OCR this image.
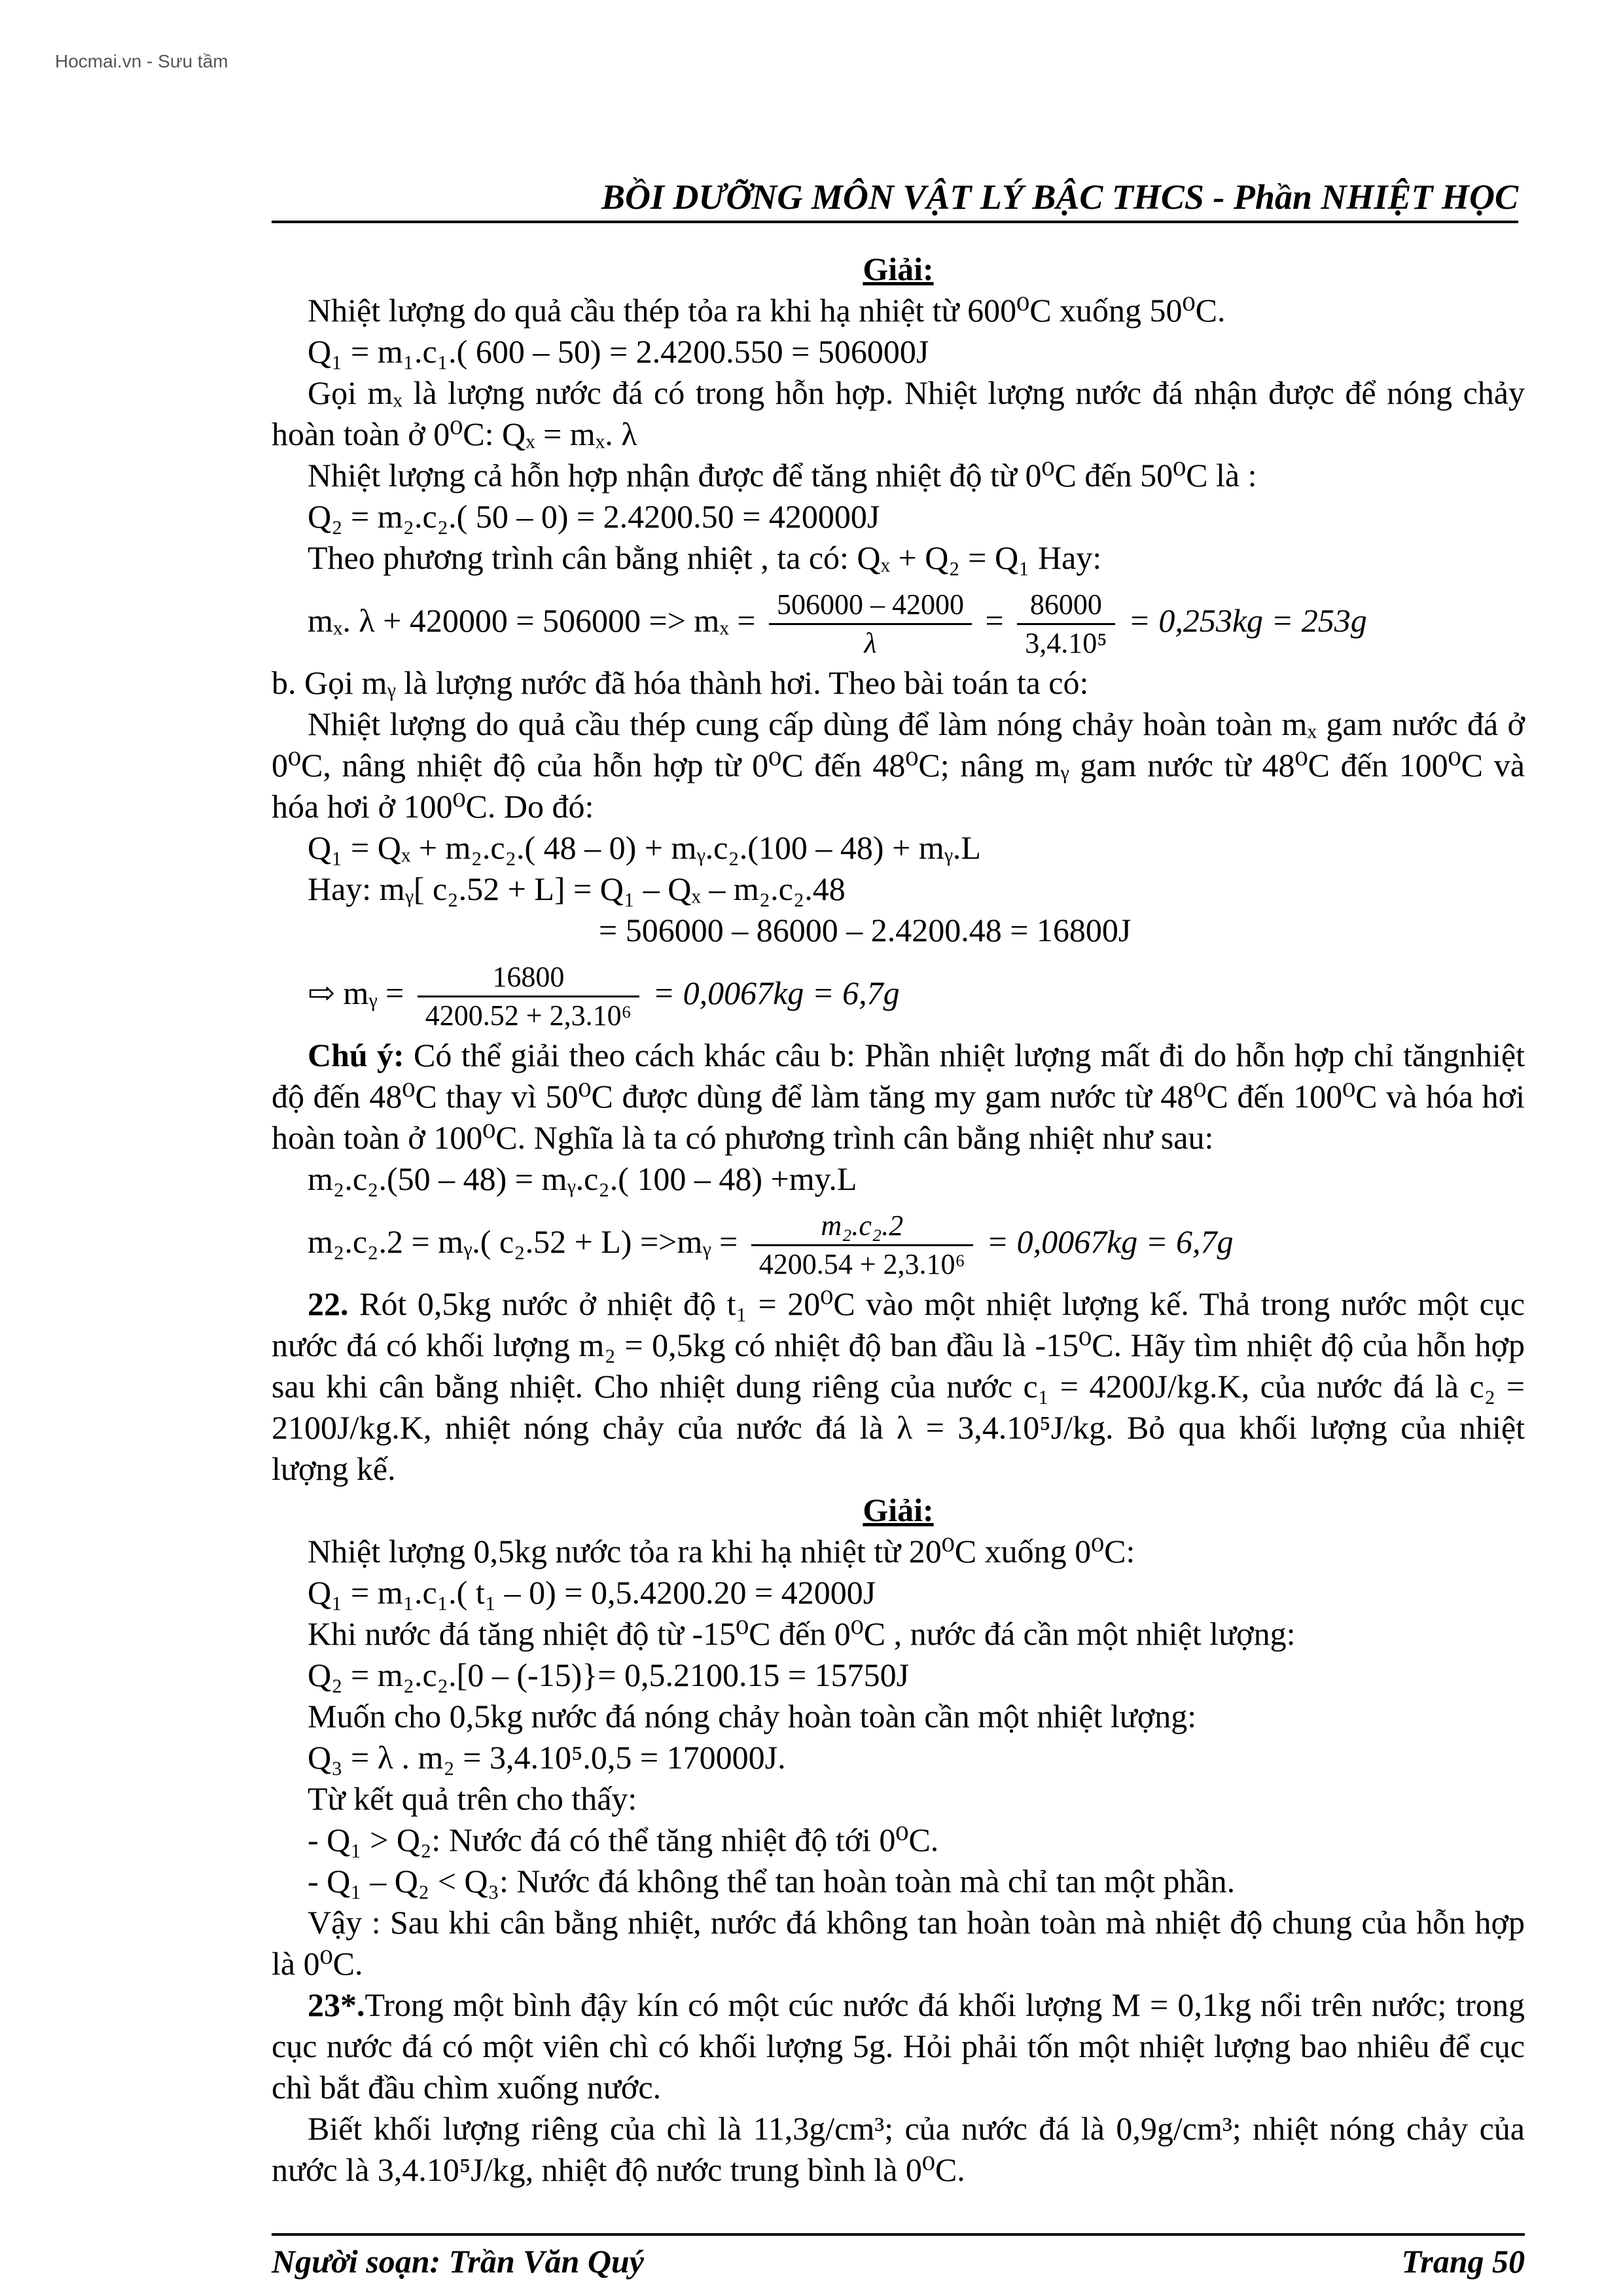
Hocmai.vn - Sưu tầm
BỒI DƯỠNG MÔN VẬT LÝ BẬC THCS - Phần NHIỆT HỌC

Giải:

Nhiệt lượng do quả cầu thép tỏa ra khi hạ nhiệt từ 600⁰C xuống 50⁰C.

Q₁ = m₁.c₁.( 600 – 50) = 2.4200.550 = 506000J

Gọi mₓ là lượng nước đá có trong hỗn hợp. Nhiệt lượng nước đá nhận được để nóng chảy hoàn toàn ở 0⁰C: Qₓ = mₓ. λ

Nhiệt lượng cả hỗn hợp nhận được để tăng nhiệt độ từ 0⁰C đến 50⁰C là :

Q₂ = m₂.c₂.( 50 – 0) = 2.4200.50 = 420000J

Theo phương trình cân bằng nhiệt , ta có: Qₓ + Q₂ = Q₁ Hay:

mₓ. $\lambda + 420000 = 506000 => m_x = \frac{506000 - 42000}{\lambda} = \frac{86000}{\text{3,4.10⁵}} = 0,253kg = 253g$

b. Gọi mᵧ là lượng nước đã hóa thành hơi. Theo bài toán ta có:

Nhiệt lượng do quả cầu thép cung cấp dùng để làm nóng chảy hoàn toàn mₓ gam nước đá ở 0⁰C, nâng nhiệt độ của hỗn hợp từ 0⁰C đến 48⁰C; nâng mᵧ gam nước từ 48⁰C đến 100⁰C và hóa hơi ở 100⁰C. Do đó:

Q₁ = Qₓ + m₂.c₂.( 48 – 0) + mᵧ.c₂.(100 – 48) + mᵧ.L

Hay: mᵧ[ c₂.52 + L] = Q₁ – Qₓ – m₂.c₂.48

= 506000 – 86000 – 2.4200.48 = 16800J

⇨ mᵧ = $\frac{16800}{\text{4200.52 + 2,3.10⁶}} = 0,0067kg = 6,7g$

Chú ý: Có thể giải theo cách khác câu b: Phần nhiệt lượng mất đi do hỗn hợp chỉ tăngnhiệt độ đến 48⁰C thay vì 50⁰C được dùng để làm tăng my gam nước từ 48⁰C đến 100⁰C và hóa hơi hoàn toàn ở 100⁰C. Nghĩa là ta có phương trình cân bằng nhiệt như sau:

m₂.c₂.(50 – 48) = mᵧ.c₂.( 100 – 48) +my.L

m₂.c₂.2 = mᵧ.( c₂.52 + L) =>mᵧ = $\frac{\text{m₂.c₂.2}}{\text{4200.54 + 2,3.10⁶}} = 0,0067kg = 6,7g$

22. Rót 0,5kg nước ở nhiệt độ t₁ = 20⁰C vào một nhiệt lượng kế. Thả trong nước một cục nước đá có khối lượng m₂ = 0,5kg có nhiệt độ ban đầu là -15⁰C. Hãy tìm nhiệt độ của hỗn hợp sau khi cân bằng nhiệt. Cho nhiệt dung riêng của nước c₁ = 4200J/kg.K, của nước đá là c₂ = 2100J/kg.K, nhiệt nóng chảy của nước đá là λ = 3,4.10⁵J/kg. Bỏ qua khối lượng của nhiệt lượng kế.

Giải:

Nhiệt lượng 0,5kg nước tỏa ra khi hạ nhiệt từ 20⁰C xuống 0⁰C:

Q₁ = m₁.c₁.( t₁ – 0) = 0,5.4200.20 = 42000J

Khi nước đá tăng nhiệt độ từ -15⁰C đến 0⁰C , nước đá cần một nhiệt lượng:

Q₂ = m₂.c₂.[0 – (-15)}= 0,5.2100.15 = 15750J

Muốn cho 0,5kg nước đá nóng chảy hoàn toàn cần một nhiệt lượng:

Q₃ = λ . m₂ = 3,4.10⁵.0,5 = 170000J.

Từ kết quả trên cho thấy:

- Q₁ > Q₂: Nước đá có thể tăng nhiệt độ tới 0⁰C.

- Q₁ – Q₂ < Q₃: Nước đá không thể tan hoàn toàn mà chỉ tan một phần.

Vậy : Sau khi cân bằng nhiệt, nước đá không tan hoàn toàn mà nhiệt độ chung của hỗn hợp là 0⁰C.

23*.Trong một bình đậy kín có một cúc nước đá khối lượng M = 0,1kg nổi trên nước; trong cục nước đá có một viên chì có khối lượng 5g. Hỏi phải tốn một nhiệt lượng bao nhiêu để cục chì bắt đầu chìm xuống nước.

Biết khối lượng riêng của chì là 11,3g/cm³; của nước đá là 0,9g/cm³; nhiệt nóng chảy của nước là 3,4.10⁵J/kg, nhiệt độ nước trung bình là 0⁰C.

Người soạn: Trần Văn Quý	Trang 50
